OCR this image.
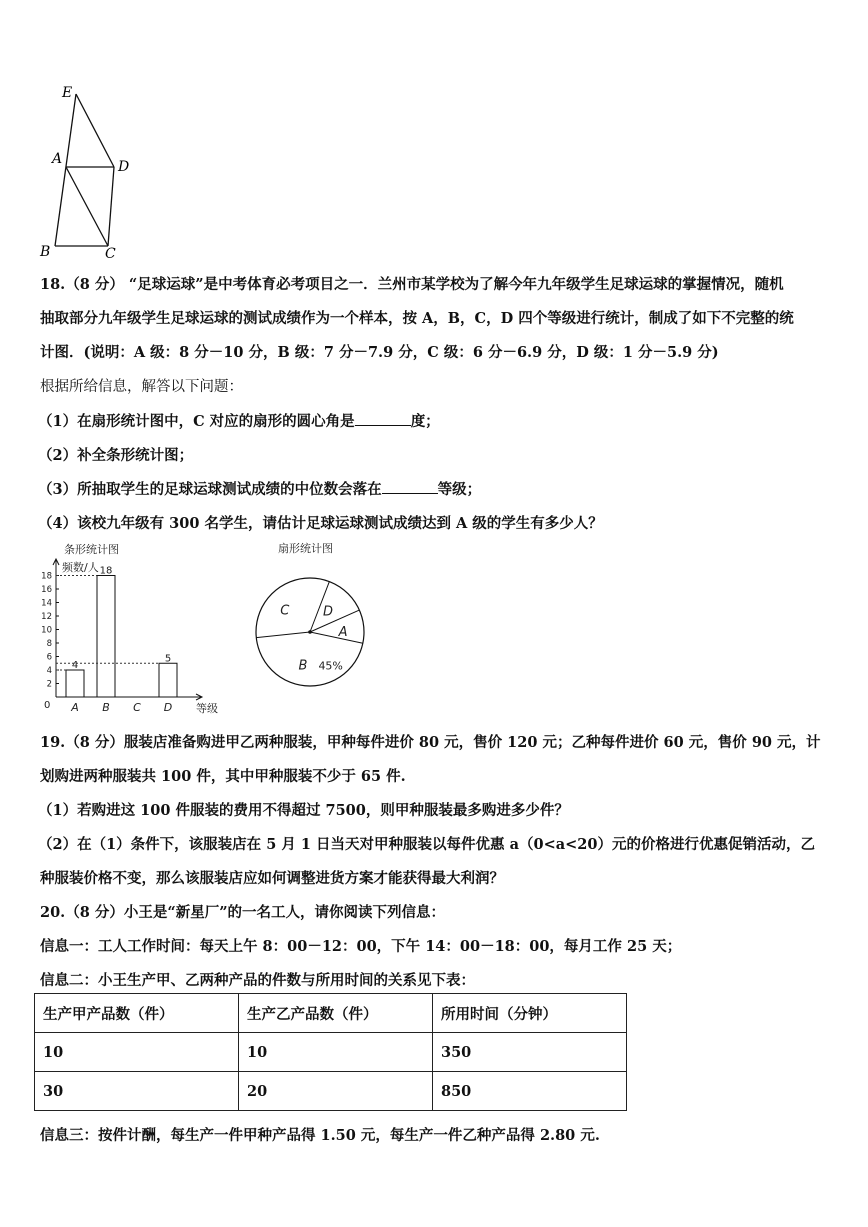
E
A	D
B	C
18.（8 分） “足球运球”是中考体育必考项目之一．兰州市某学校为了解今年九年级学生足球运球的掌握情况，随机
抽取部分九年级学生足球运球的测试成绩作为一个样本，按 A，B，C，D 四个等级进行统计，制成了如下不完整的统
计图．(说明：A 级：8 分－10 分，B 级：7 分－7.9 分，C 级：6 分－6.9 分，D 级：1 分－5.9 分)
根据所给信息，解答以下问题：
（1）在扇形统计图中，C 对应的扇形的圆心角是	度；
（2）补全条形统计图；
（3）所抽取学生的足球运球测试成绩的中位数会落在	等级；
（4）该校九年级有 300 名学生，请估计足球运球测试成绩达到 A 级的学生有多少人？
条形统计图
频数/人
等级
0
2
4
6
8
10
12
14
16
18
A
4
B
18
C D
5
扇形统计图
B 45%
A
D
C
19.（8 分）服装店准备购进甲乙两种服装，甲种每件进价 80 元，售价 120 元；乙种每件进价 60 元，售价 90 元，计
划购进两种服装共 100 件，其中甲种服装不少于 65 件.
（1）若购进这 100 件服装的费用不得超过 7500，则甲种服装最多购进多少件？
（2）在（1）条件下，该服装店在 5 月 1 日当天对甲种服装以每件优惠 a（0<a<20）元的价格进行优惠促销活动，乙
种服装价格不变，那么该服装店应如何调整进货方案才能获得最大利润？
20.（8 分）小王是“新星厂”的一名工人，请你阅读下列信息：
信息一：工人工作时间：每天上午 8：00－12：00，下午 14：00－18：00，每月工作 25 天；
信息二：小王生产甲、乙两种产品的件数与所用时间的关系见下表：
生产甲产品数（件）	生产乙产品数（件）	所用时间（分钟）
10	10	350
30	20	850
信息三：按件计酬，每生产一件甲种产品得 1.50 元，每生产一件乙种产品得 2.80 元.
